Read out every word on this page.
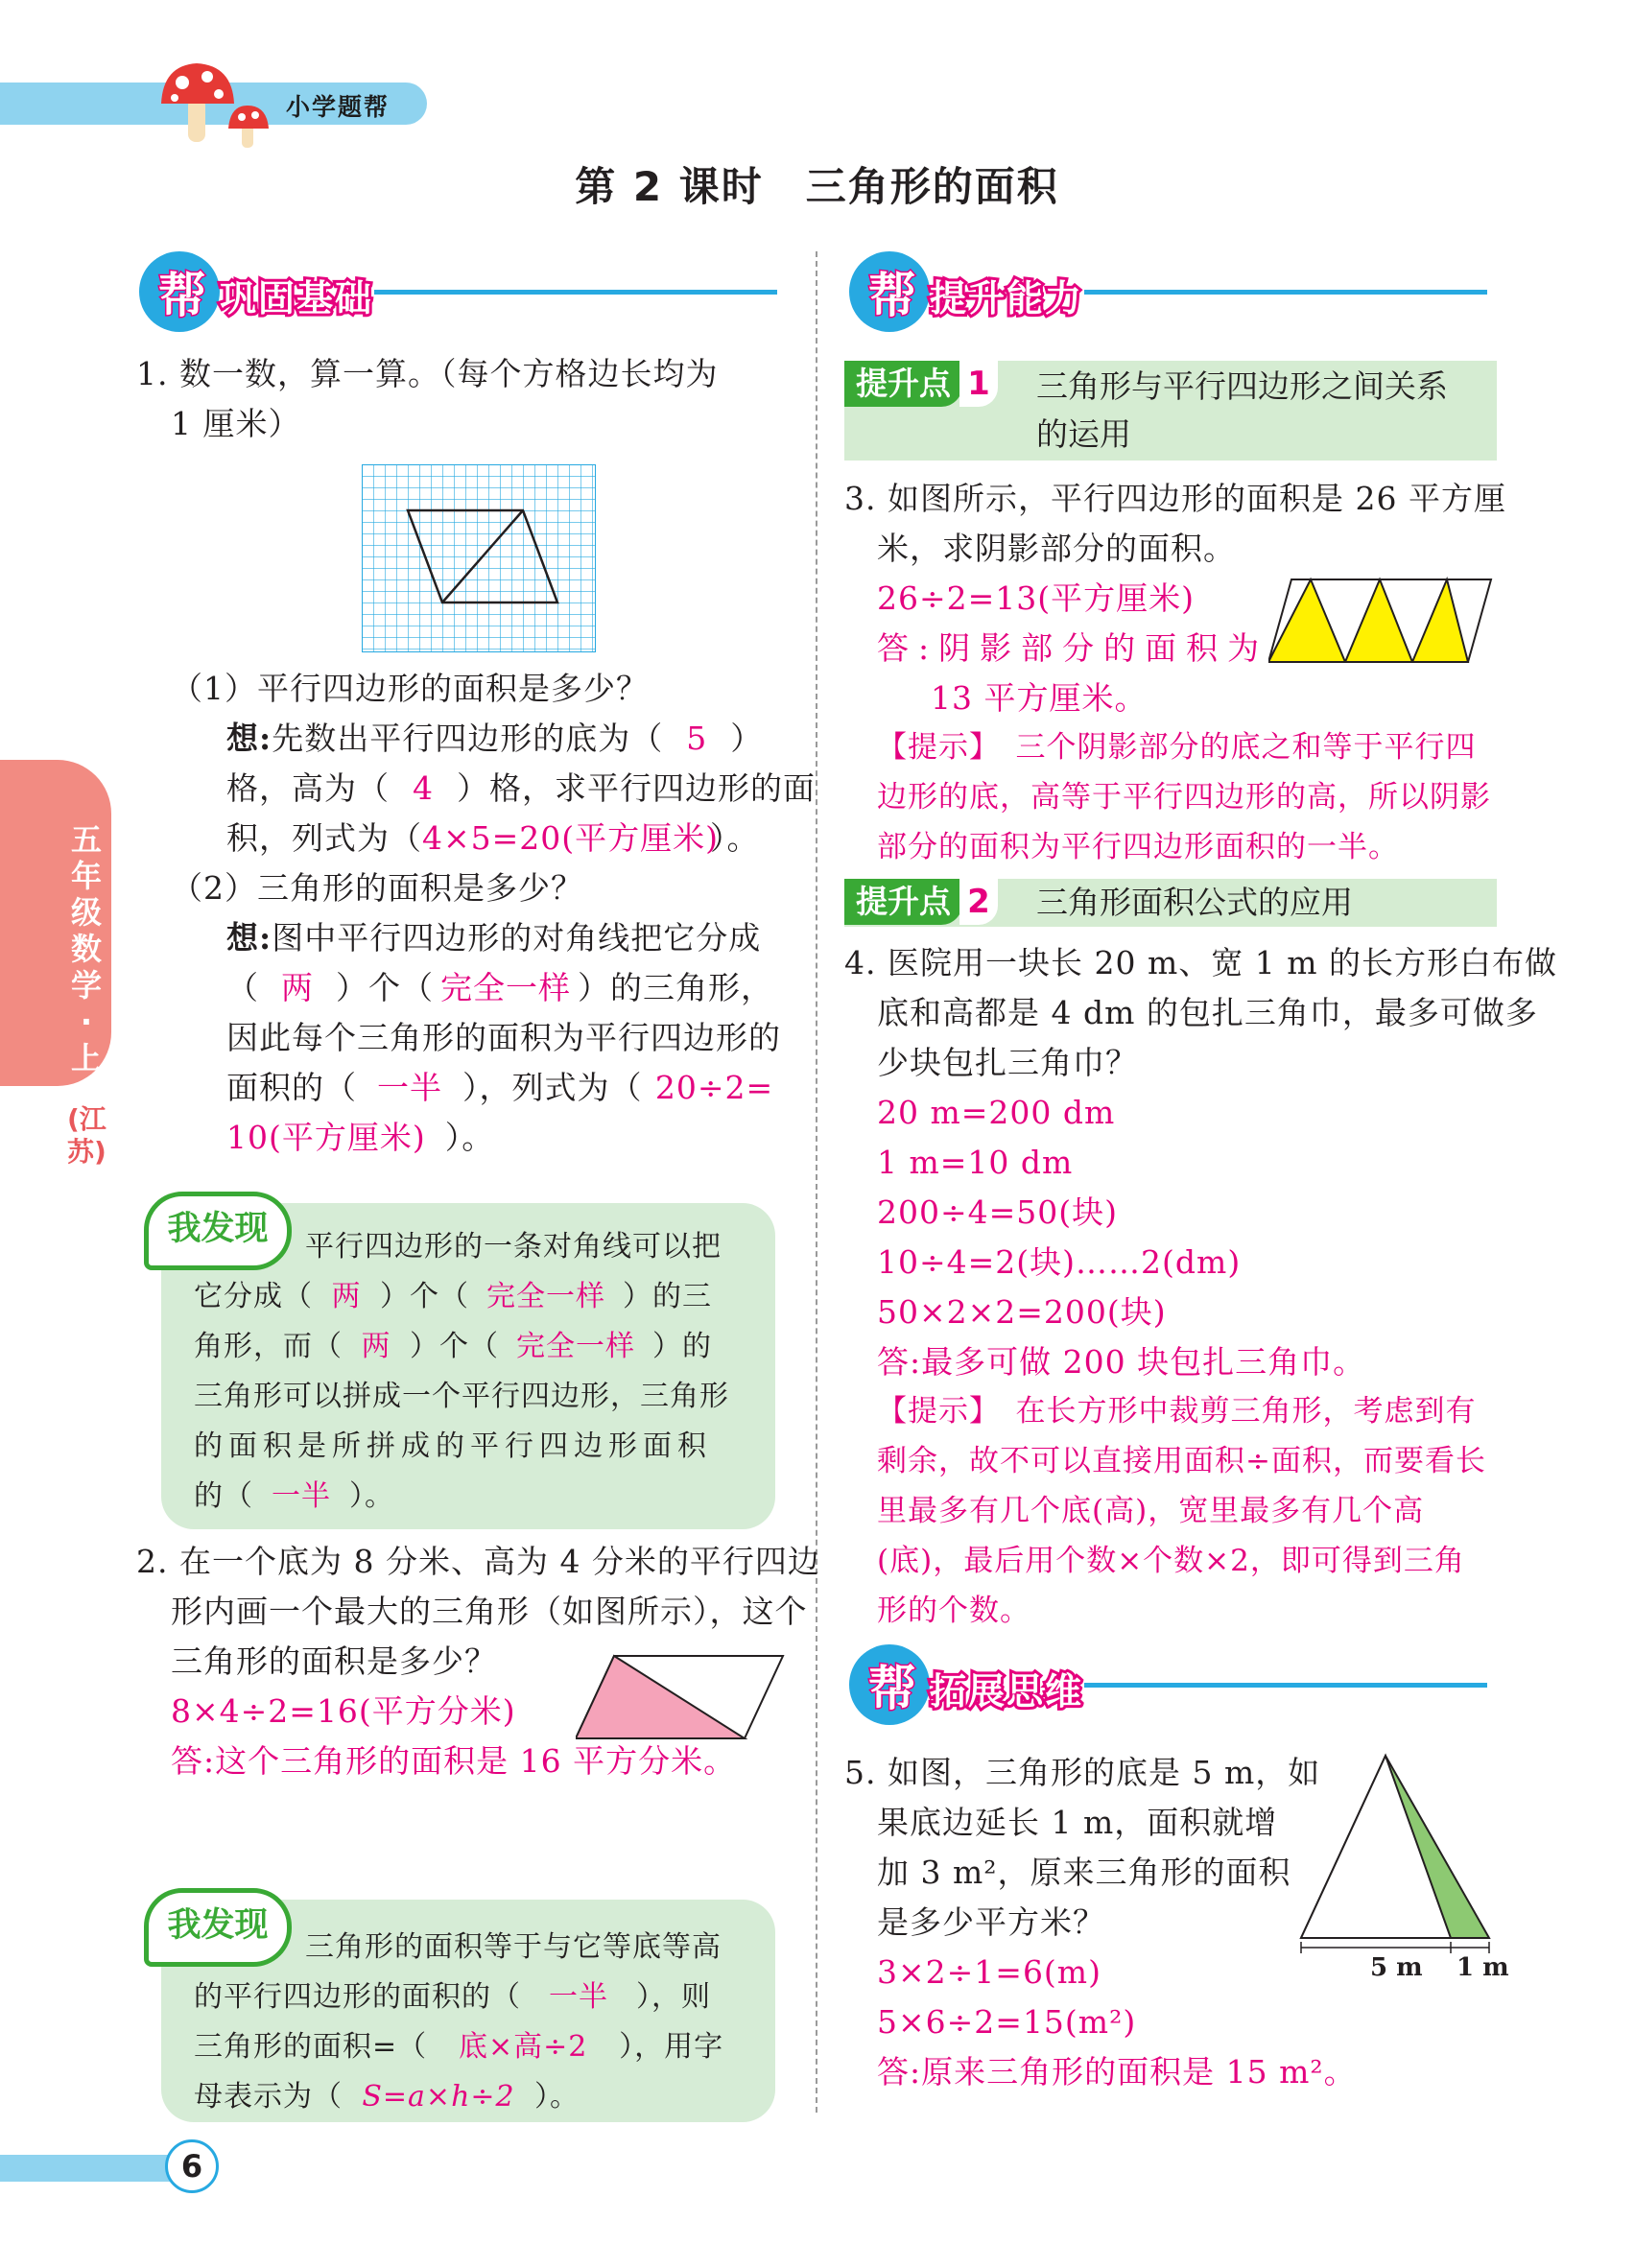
小学题帮
第 2 课时　三角形的面积
五年级数学·上
(江苏)
帮 巩固基础
1. 数一数，算一算。（每个方格边长均为
1 厘米）
（1）平行四边形的面积是多少？
想:先数出平行四边形的底为（ 5 ）
格，高为（ 4 ）格，求平行四边形的面
积，列式为（4×5=20(平方厘米)）。
（2）三角形的面积是多少？
想:图中平行四边形的对角线把它分成
（ 两 ）个（ 完全一样 ）的三角形，
因此每个三角形的面积为平行四边形的
面积的（ 一半 ），列式为（ 20÷2=
10(平方厘米) ）。
我发现	平行四边形的一条对角线可以把
它分成（ 两 ）个（ 完全一样 ）的三
角形，而（ 两 ）个（ 完全一样 ）的
三角形可以拼成一个平行四边形，三角形
的面积是所拼成的平行四边形面积
的（ 一半 ）。
2. 在一个底为 8 分米、高为 4 分米的平行四边
形内画一个最大的三角形（如图所示），这个
三角形的面积是多少？
8×4÷2=16(平方分米)
答:这个三角形的面积是 16 平方分米。
我发现
三角形的面积等于与它等底等高
的平行四边形的面积的（ 一半 ），则
三角形的面积=（ 底×高÷2 ），用字
母表示为（ S=a×h÷2 ）。
帮 提升能力
提升点 1 三角形与平行四边形之间关系
的运用
3. 如图所示，平行四边形的面积是 26 平方厘
米，求阴影部分的面积。
26÷2=13(平方厘米)
答:阴影部分的面积为
13 平方厘米。
【提示】　三个阴影部分的底之和等于平行四
边形的底，高等于平行四边形的高，所以阴影
部分的面积为平行四边形面积的一半。
提升点 2 三角形面积公式的应用
4. 医院用一块长 20 m、宽 1 m 的长方形白布做
底和高都是 4 dm 的包扎三角巾，最多可做多
少块包扎三角巾？
20 m=200 dm
1 m=10 dm
200÷4=50(块)
10÷4=2(块)……2(dm)
50×2×2=200(块)
答:最多可做 200 块包扎三角巾。
【提示】　在长方形中裁剪三角形，考虑到有
剩余，故不可以直接用面积÷面积，而要看长
里最多有几个底(高)，宽里最多有几个高
(底)，最后用个数×个数×2，即可得到三角
形的个数。
帮 拓展思维
5. 如图，三角形的底是 5 m，如
果底边延长 1 m，面积就增
加 3 m²，原来三角形的面积
是多少平方米？
5 m 1 m
3×2÷1=6(m)
5×6÷2=15(m²)
答:原来三角形的面积是 15 m²。
6
